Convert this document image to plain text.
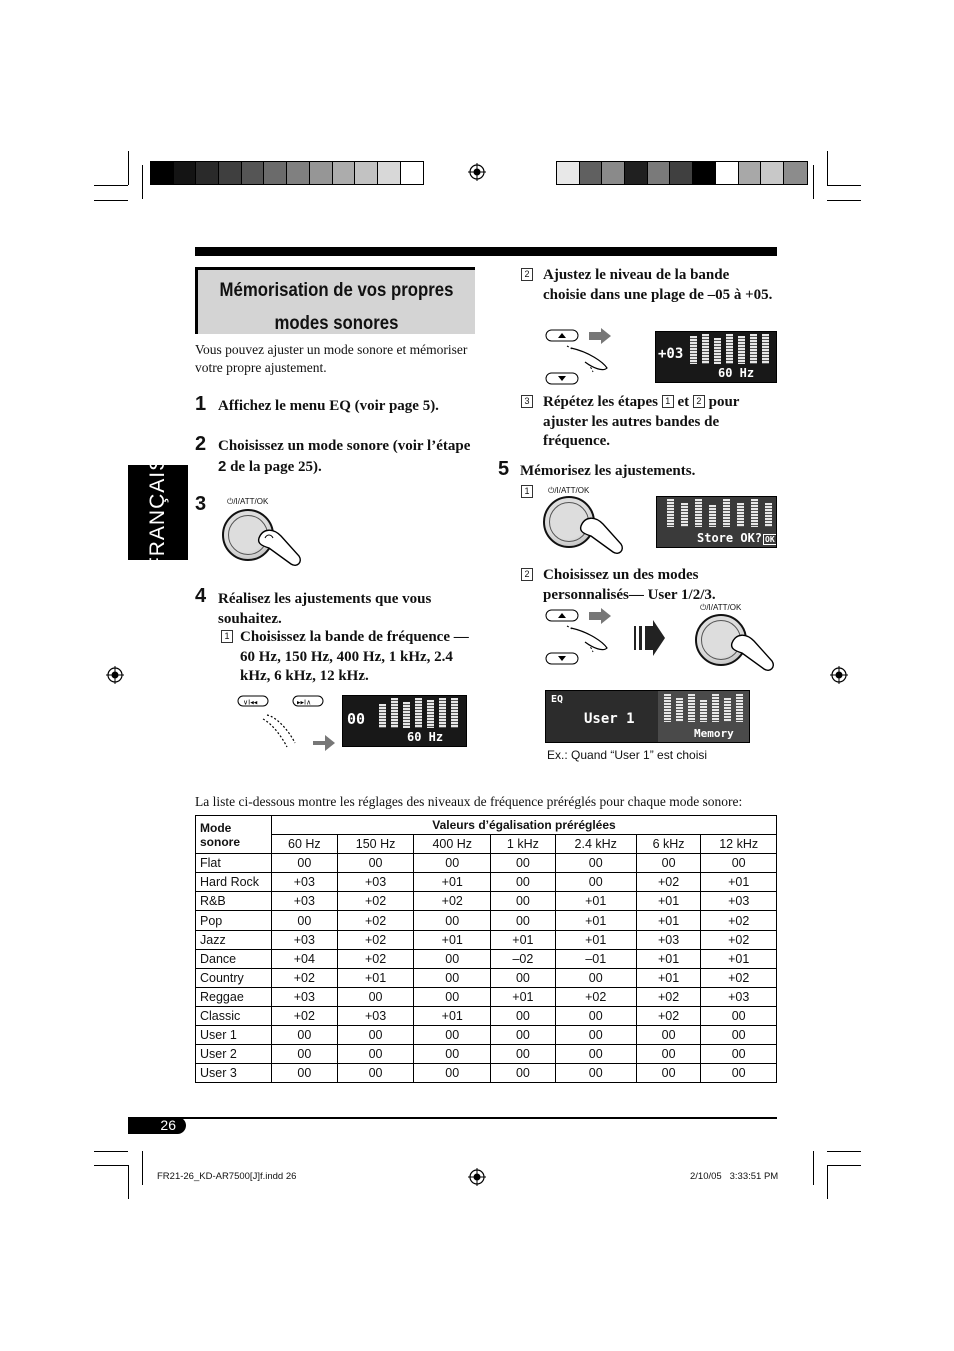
Mémorisation de vos propres
modes sonores
FRANÇAIS
Vous pouvez ajuster un mode sonore et mémoriser votre propre ajustement.
1 Affichez le menu EQ (voir page 5).
2 Choisissez un mode sonore (voir l’étape 2 de la page 25).
3	⏻/I/ATT/OK
4 Réalisez les ajustements que vous souhaitez.
1 Choisissez la bande de fréquence — 60 Hz, 150 Hz, 400 Hz, 1 kHz, 2.4 kHz, 6 kHz, 12 kHz.
∨I◂◂	▸▸I∧
00
60 Hz
2 Ajustez le niveau de la bande choisie dans une plage de –05 à +05.
+03
60 Hz
3 Répétez les étapes 1 et 2 pour ajuster les autres bandes de fréquence.
5 Mémorisez les ajustements.
1	⏻/I/ATT/OK
Store OK? OK
2 Choisissez un des modes personnalisés— User 1/2/3.
⏻/I/ATT/OK
EQ
User 1
Memory
Ex.: Quand “User 1” est choisi
La liste ci-dessous montre les réglages des niveaux de fréquence préréglés pour chaque mode sonore:
Mode sonore	Valeurs d’égalisation préréglées						
	60 Hz	150 Hz	400 Hz	1 kHz	2.4 kHz	6 kHz	12 kHz
Flat	00	00	00	00	00	00	00
Hard Rock	+03	+03	+01	00	00	+02	+01
R&B	+03	+02	+02	00	+01	+01	+03
Pop	00	+02	00	00	+01	+01	+02
Jazz	+03	+02	+01	+01	+01	+03	+02
Dance	+04	+02	00	–02	–01	+01	+01
Country	+02	+01	00	00	00	+01	+02
Reggae	+03	00	00	+01	+02	+02	+03
Classic	+02	+03	+01	00	00	+02	00
User 1	00	00	00	00	00	00	00
User 2	00	00	00	00	00	00	00
User 3	00	00	00	00	00	00	00
26
FR21-26_KD-AR7500[J]f.indd 26	2/10/05   3:33:51 PM
